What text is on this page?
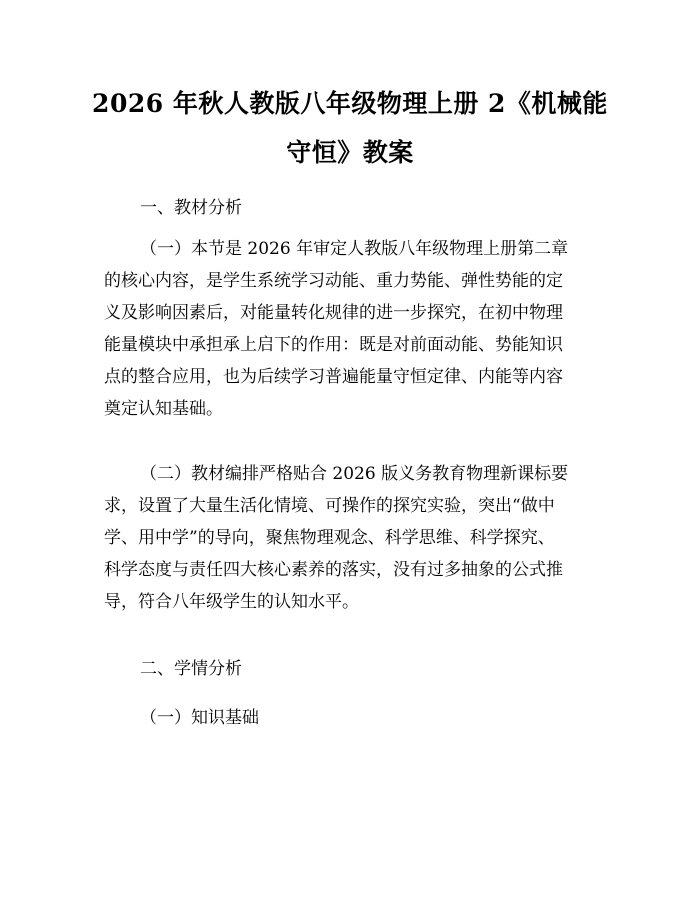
2026 年秋人教版八年级物理上册 2《机械能
守恒》教案
一、教材分析
（一）本节是 2026 年审定人教版八年级物理上册第二章
的核心内容，是学生系统学习动能、重力势能、弹性势能的定
义及影响因素后，对能量转化规律的进一步探究，在初中物理
能量模块中承担承上启下的作用：既是对前面动能、势能知识
点的整合应用，也为后续学习普遍能量守恒定律、内能等内容
奠定认知基础。
（二）教材编排严格贴合 2026 版义务教育物理新课标要
求，设置了大量生活化情境、可操作的探究实验，突出“做中
学、用中学”的导向，聚焦物理观念、科学思维、科学探究、
科学态度与责任四大核心素养的落实，没有过多抽象的公式推
导，符合八年级学生的认知水平。
二、学情分析
（一）知识基础
